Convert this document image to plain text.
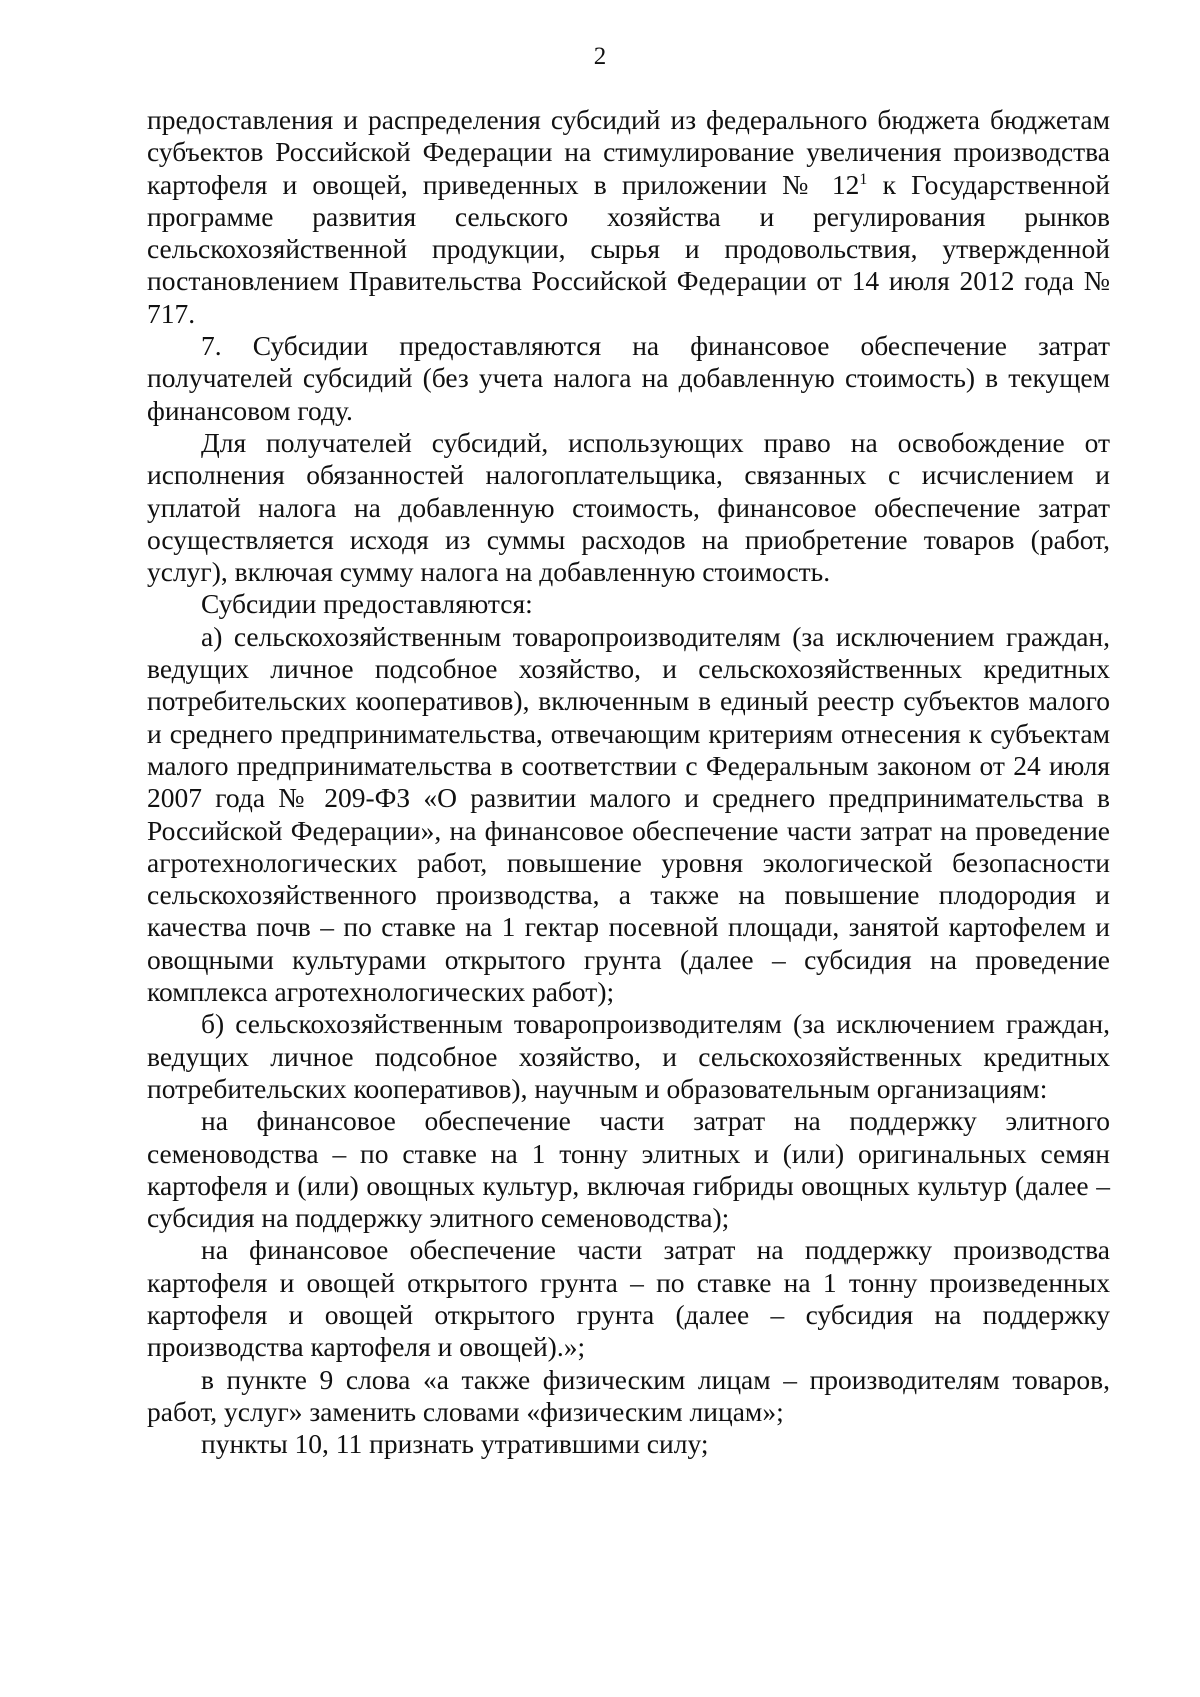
2

предоставления и распределения субсидий из федерального бюджета бюджетам субъектов Российской Федерации на стимулирование увеличения производства картофеля и овощей, приведенных в приложении № $12^1$ к Государственной программе развития сельского хозяйства и регулирования рынков сельскохозяйственной продукции, сырья и продовольствия, утвержденной постановлением Правительства Российской Федерации от 14 июля 2012 года № 717.

7. Субсидии предоставляются на финансовое обеспечение затрат получателей субсидий (без учета налога на добавленную стоимость) в текущем финансовом году.

Для получателей субсидий, использующих право на освобождение от исполнения обязанностей налогоплательщика, связанных с исчислением и уплатой налога на добавленную стоимость, финансовое обеспечение затрат осуществляется исходя из суммы расходов на приобретение товаров (работ, услуг), включая сумму налога на добавленную стоимость.

Субсидии предоставляются:

а) сельскохозяйственным товаропроизводителям (за исключением граждан, ведущих личное подсобное хозяйство, и сельскохозяйственных кредитных потребительских кооперативов), включенным в единый реестр субъектов малого и среднего предпринимательства, отвечающим критериям отнесения к субъектам малого предпринимательства в соответствии с Федеральным законом от 24 июля 2007 года № 209-ФЗ «О развитии малого и среднего предпринимательства в Российской Федерации», на финансовое обеспечение части затрат на проведение агротехнологических работ, повышение уровня экологической безопасности сельскохозяйственного производства, а также на повышение плодородия и качества почв – по ставке на 1 гектар посевной площади, занятой картофелем и овощными культурами открытого грунта (далее – субсидия на проведение комплекса агротехнологических работ);

б) сельскохозяйственным товаропроизводителям (за исключением граждан, ведущих личное подсобное хозяйство, и сельскохозяйственных кредитных потребительских кооперативов), научным и образовательным организациям:

на финансовое обеспечение части затрат на поддержку элитного семеноводства – по ставке на 1 тонну элитных и (или) оригинальных семян картофеля и (или) овощных культур, включая гибриды овощных культур (далее – субсидия на поддержку элитного семеноводства);

на финансовое обеспечение части затрат на поддержку производства картофеля и овощей открытого грунта – по ставке на 1 тонну произведенных картофеля и овощей открытого грунта (далее – субсидия на поддержку производства картофеля и овощей).»;

в пункте 9 слова «а также физическим лицам – производителям товаров, работ, услуг» заменить словами «физическим лицам»;

пункты 10, 11 признать утратившими силу;
